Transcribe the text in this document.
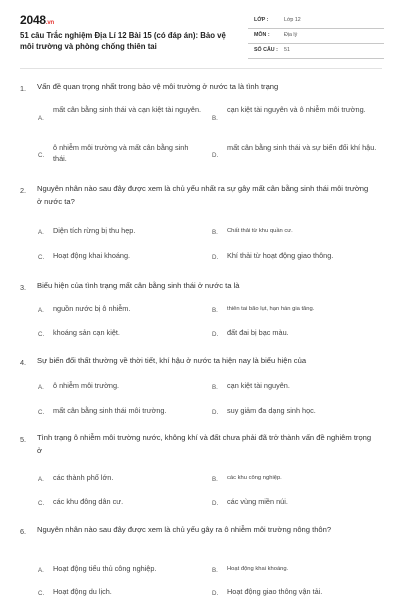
2048.vn
51 câu Trắc nghiệm Địa Lí 12 Bài 15 (có đáp án): Bảo vệ môi trường và phòng chống thiên tai
LỚP :	Lớp 12
MÔN :	Địa lý
SỐ CÂU : 51
1. Vấn đề quan trọng nhất trong bảo vệ môi trường ở nước ta là tình trạng
A.
mất cân bằng sinh thái và cạn kiệt tài nguyên.
B.
cạn kiệt tài nguyên và ô nhiễm môi trường.
C.
ô nhiễm môi trường và mất cân bằng sinh thái.	D.
mất cân bằng sinh thái và sự biến đổi khí hậu.
2. Nguyên nhân nào sau đây được xem là chủ yếu nhất ra sự gây mất cân bằng sinh thái môi trường ở nước ta?
A. Diện tích rừng bị thu hẹp.	B. Chất thải từ khu quần cư.
C. Hoạt động khai khoáng.	D. Khí thải từ hoạt động giao thông.
3. Biểu hiện của tình trạng mất cân bằng sinh thái ở nước ta là
A. nguồn nước bị ô nhiễm.	B. thiên tai bão lụt, hạn hán gia tăng.
C. khoáng sản cạn kiệt.	D. đất đai bị bạc màu.
4. Sự biến đổi thất thường về thời tiết, khí hậu ở nước ta hiện nay là biểu hiện của
A. ô nhiễm môi trường.	B. cạn kiệt tài nguyên.
C. mất cân bằng sinh thái môi trường.	D. suy giảm đa dạng sinh học.
5. Tình trạng ô nhiễm môi trường nước, không khí và đất chưa phải đã trở thành vấn đề nghiêm trọng ở
A. các thành phố lớn.	B. các khu công nghiệp.
C. các khu đông dân cư.	D. các vùng miền núi.
6. Nguyên nhân nào sau đây được xem là chủ yếu gây ra ô nhiễm môi trường nông thôn?
A. Hoạt động tiểu thủ công nghiệp.	B. Hoạt động khai khoáng.
C. Hoạt động du lịch.	D. Hoạt động giao thông vận tải.
